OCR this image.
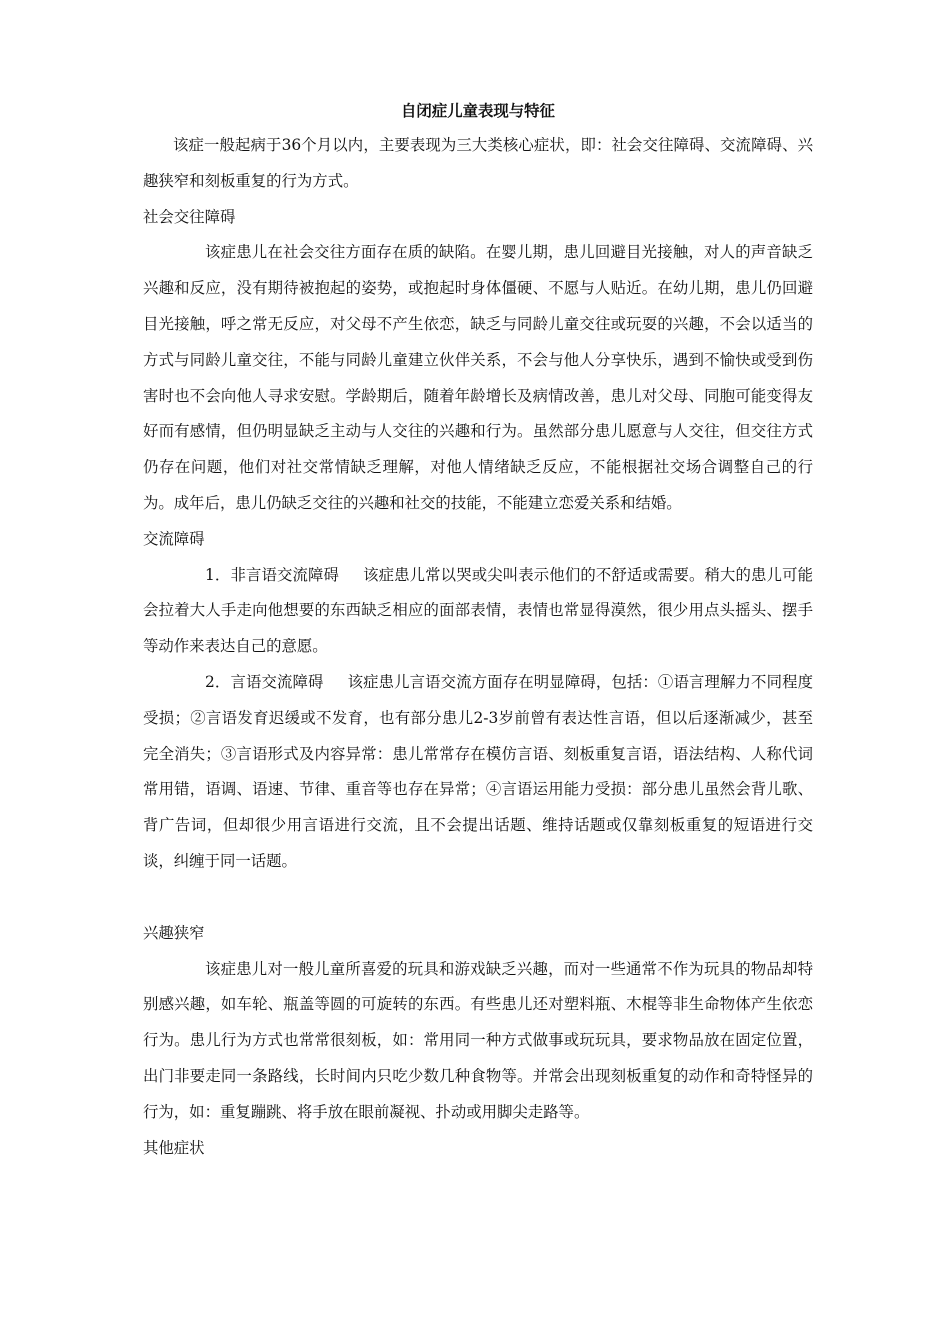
自闭症儿童表现与特征

该症一般起病于36个月以内，主要表现为三大类核心症状，即：社会交往障碍、交流障碍、兴趣狭窄和刻板重复的行为方式。

社会交往障碍

该症患儿在社会交往方面存在质的缺陷。在婴儿期，患儿回避目光接触，对人的声音缺乏兴趣和反应，没有期待被抱起的姿势，或抱起时身体僵硬、不愿与人贴近。在幼儿期，患儿仍回避目光接触，呼之常无反应，对父母不产生依恋，缺乏与同龄儿童交往或玩耍的兴趣，不会以适当的方式与同龄儿童交往，不能与同龄儿童建立伙伴关系，不会与他人分享快乐，遇到不愉快或受到伤害时也不会向他人寻求安慰。学龄期后，随着年龄增长及病情改善，患儿对父母、同胞可能变得友好而有感情，但仍明显缺乏主动与人交往的兴趣和行为。虽然部分患儿愿意与人交往，但交往方式仍存在问题，他们对社交常情缺乏理解，对他人情绪缺乏反应，不能根据社交场合调整自己的行为。成年后，患儿仍缺乏交往的兴趣和社交的技能，不能建立恋爱关系和结婚。

交流障碍

1．非言语交流障碍 该症患儿常以哭或尖叫表示他们的不舒适或需要。稍大的患儿可能会拉着大人手走向他想要的东西缺乏相应的面部表情，表情也常显得漠然，很少用点头摇头、摆手等动作来表达自己的意愿。

2．言语交流障碍 该症患儿言语交流方面存在明显障碍，包括：①语言理解力不同程度受损；②言语发育迟缓或不发育，也有部分患儿2-3岁前曾有表达性言语，但以后逐渐减少，甚至完全消失；③言语形式及内容异常：患儿常常存在模仿言语、刻板重复言语，语法结构、人称代词常用错，语调、语速、节律、重音等也存在异常；④言语运用能力受损：部分患儿虽然会背儿歌、背广告词，但却很少用言语进行交流，且不会提出话题、维持话题或仅靠刻板重复的短语进行交谈，纠缠于同一话题。

兴趣狭窄

该症患儿对一般儿童所喜爱的玩具和游戏缺乏兴趣，而对一些通常不作为玩具的物品却特别感兴趣，如车轮、瓶盖等圆的可旋转的东西。有些患儿还对塑料瓶、木棍等非生命物体产生依恋行为。患儿行为方式也常常很刻板，如：常用同一种方式做事或玩玩具，要求物品放在固定位置，出门非要走同一条路线，长时间内只吃少数几种食物等。并常会出现刻板重复的动作和奇特怪异的行为，如：重复蹦跳、将手放在眼前凝视、扑动或用脚尖走路等。

其他症状
